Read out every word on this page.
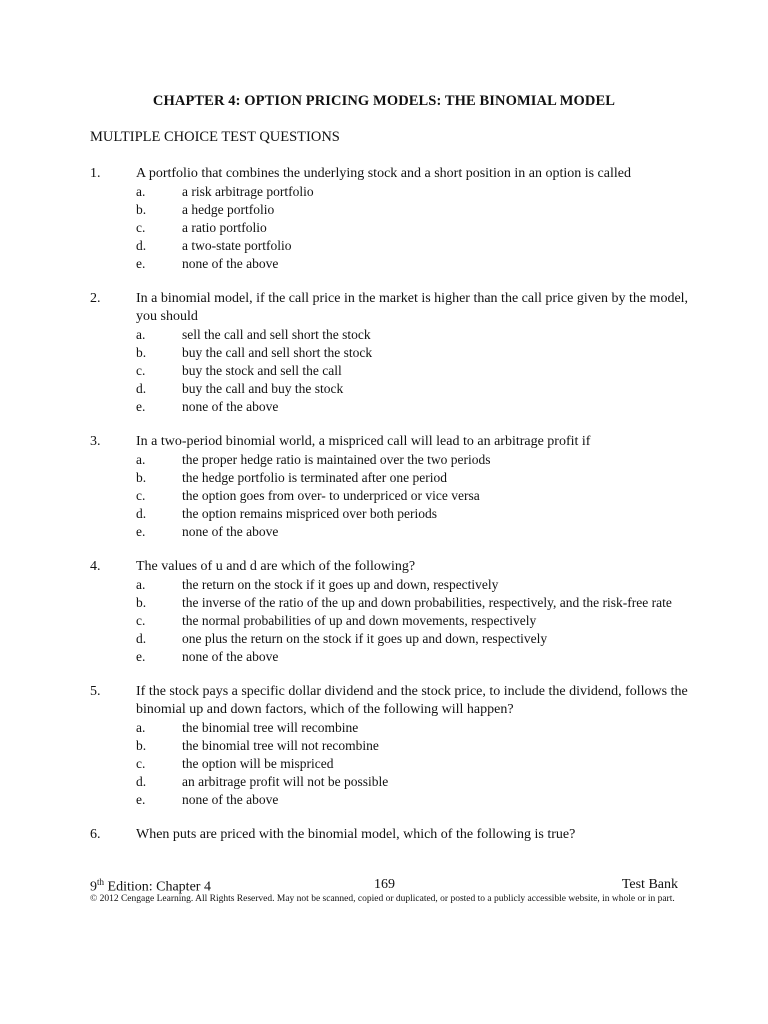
CHAPTER 4: OPTION PRICING MODELS: THE BINOMIAL MODEL
MULTIPLE CHOICE TEST QUESTIONS
1.	A portfolio that combines the underlying stock and a short position in an option is called
a.	a risk arbitrage portfolio
b.	a hedge portfolio
c.	a ratio portfolio
d.	a two-state portfolio
e.	none of the above
2.	In a binomial model, if the call price in the market is higher than the call price given by the model, you should
a.	sell the call and sell short the stock
b.	buy the call and sell short the stock
c.	buy the stock and sell the call
d.	buy the call and buy the stock
e.	none of the above
3.	In a two-period binomial world, a mispriced call will lead to an arbitrage profit if
a.	the proper hedge ratio is maintained over the two periods
b.	the hedge portfolio is terminated after one period
c.	the option goes from over- to underpriced or vice versa
d.	the option remains mispriced over both periods
e.	none of the above
4.	The values of u and d are which of the following?
a.	the return on the stock if it goes up and down, respectively
b.	the inverse of the ratio of the up and down probabilities, respectively, and the risk-free rate
c.	the normal probabilities of up and down movements, respectively
d.	one plus the return on the stock if it goes up and down, respectively
e.	none of the above
5.	If the stock pays a specific dollar dividend and the stock price, to include the dividend, follows the binomial up and down factors, which of the following will happen?
a.	the binomial tree will recombine
b.	the binomial tree will not recombine
c.	the option will be mispriced
d.	an arbitrage profit will not be possible
e.	none of the above
6.	When puts are priced with the binomial model, which of the following is true?
9th Edition: Chapter 4	169	Test Bank
© 2012 Cengage Learning. All Rights Reserved. May not be scanned, copied or duplicated, or posted to a publicly accessible website, in whole or in part.
